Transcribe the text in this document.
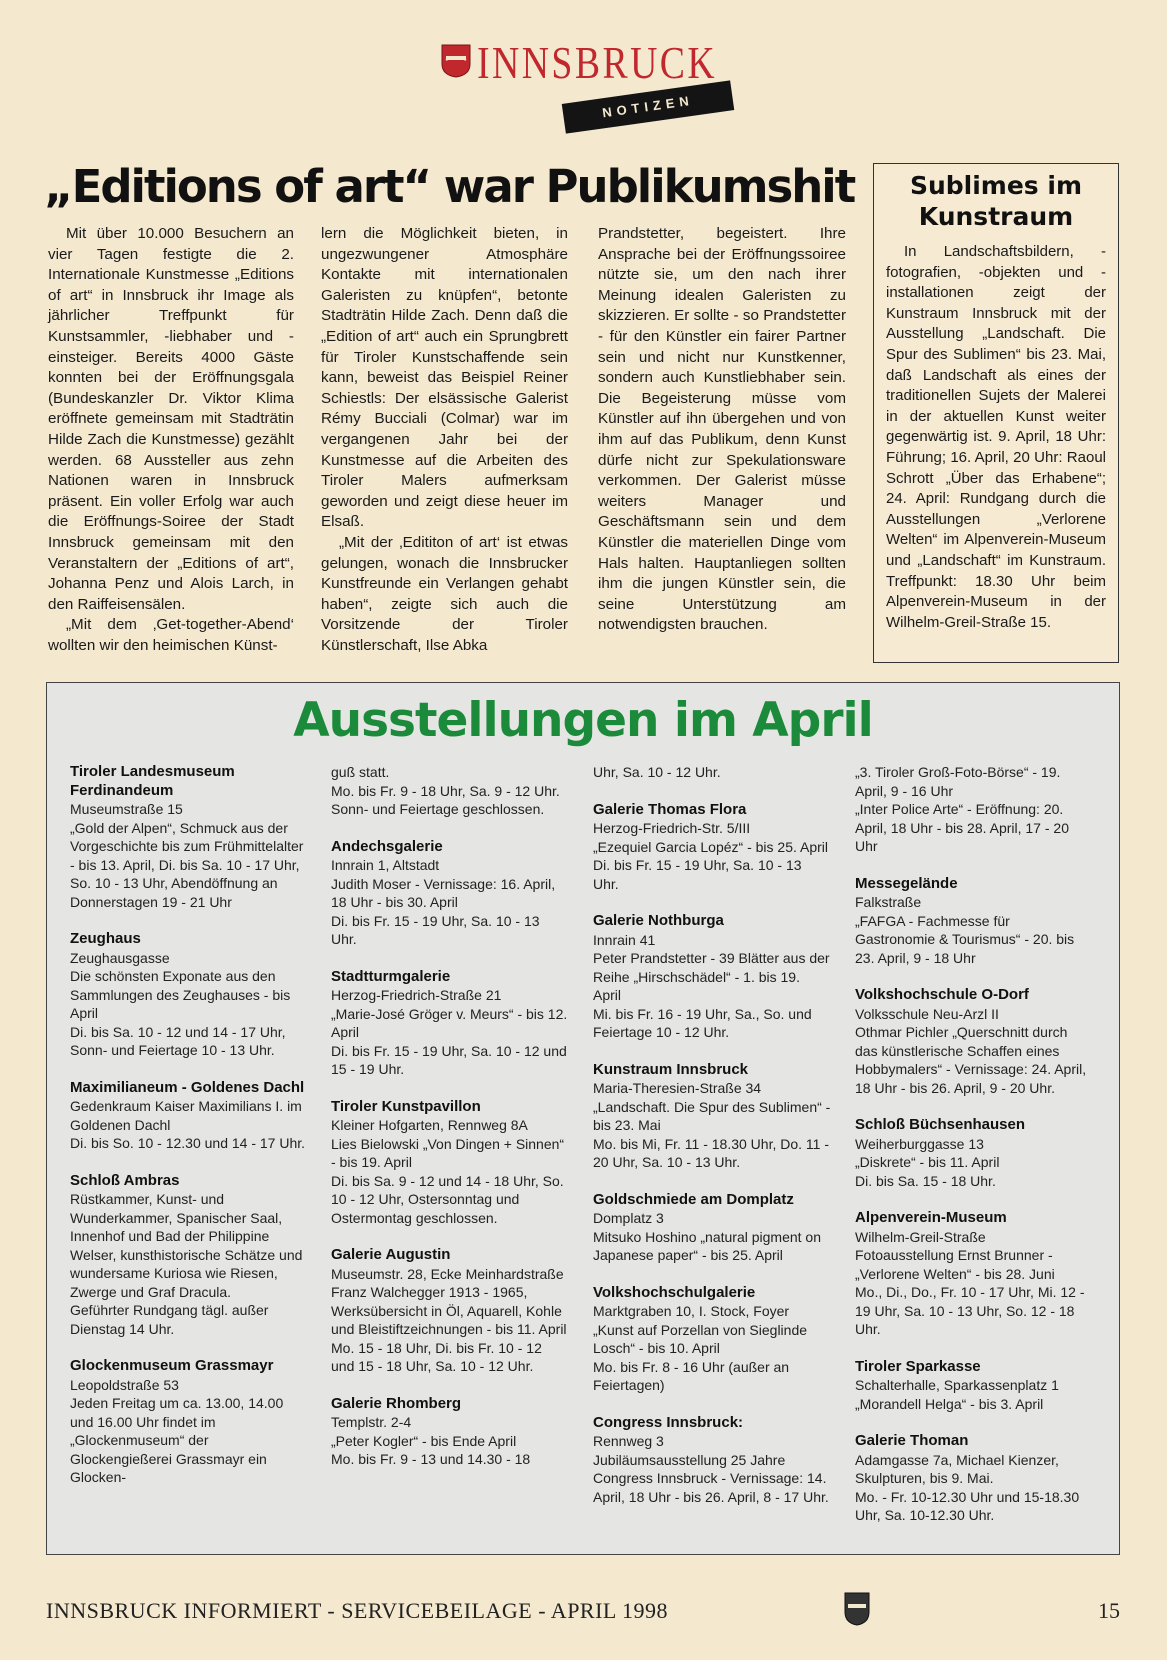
INNSBRUCK
NOTIZEN
„Editions of art“ war Publikumshit

Mit über 10.000 Besuchern an vier Tagen festigte die 2. Internationale Kunstmesse „Editions of art“ in Innsbruck ihr Image als jährlicher Treffpunkt für Kunstsammler, -liebhaber und -einsteiger. Bereits 4000 Gäste konnten bei der Eröffnungsgala (Bundeskanzler Dr. Viktor Klima eröffnete gemeinsam mit Stadträtin Hilde Zach die Kunstmesse) gezählt werden. 68 Aussteller aus zehn Nationen waren in Innsbruck präsent. Ein voller Erfolg war auch die Eröffnungs-Soiree der Stadt Innsbruck gemeinsam mit den Veranstaltern der „Editions of art“, Johanna Penz und Alois Larch, in den Raiffeisensälen.

„Mit dem ‚Get-together-Abend‘ wollten wir den heimischen Künst-

lern die Möglichkeit bieten, in ungezwungener Atmosphäre Kontakte mit internationalen Galeristen zu knüpfen“, betonte Stadträtin Hilde Zach. Denn daß die „Edition of art“ auch ein Sprungbrett für Tiroler Kunstschaffende sein kann, beweist das Beispiel Reiner Schiestls: Der elsässische Galerist Rémy Bucciali (Colmar) war im vergangenen Jahr bei der Kunstmesse auf die Arbeiten des Tiroler Malers aufmerksam geworden und zeigt diese heuer im Elsaß.

„Mit der ‚Edititon of art‘ ist etwas gelungen, wonach die Innsbrucker Kunstfreunde ein Verlangen gehabt haben“, zeigte sich auch die Vorsitzende der Tiroler Künstlerschaft, Ilse Abka

Prandstetter, begeistert. Ihre Ansprache bei der Eröffnungssoiree nützte sie, um den nach ihrer Meinung idealen Galeristen zu skizzieren. Er sollte - so Prandstetter - für den Künstler ein fairer Partner sein und nicht nur Kunstkenner, sondern auch Kunstliebhaber sein. Die Begeisterung müsse vom Künstler auf ihn übergehen und von ihm auf das Publikum, denn Kunst dürfe nicht zur Spekulationsware verkommen. Der Galerist müsse weiters Manager und Geschäftsmann sein und dem Künstler die materiellen Dinge vom Hals halten. Hauptanliegen sollten ihm die jungen Künstler sein, die seine Unterstützung am notwendigsten brauchen.

Sublimes im Kunstraum

In Landschaftsbildern, -fotografien, -objekten und -installationen zeigt der Kunstraum Innsbruck mit der Ausstellung „Landschaft. Die Spur des Sublimen“ bis 23. Mai, daß Landschaft als eines der traditionellen Sujets der Malerei in der aktuellen Kunst weiter gegenwärtig ist. 9. April, 18 Uhr: Führung; 16. April, 20 Uhr: Raoul Schrott „Über das Erhabene“; 24. April: Rundgang durch die Ausstellungen „Verlorene Welten“ im Alpenverein-Museum und „Landschaft“ im Kunstraum. Treffpunkt: 18.30 Uhr beim Alpenverein-Museum in der Wilhelm-Greil-Straße 15.

Ausstellungen im April
Tiroler Landesmuseum Ferdinandeum
Museumstraße 15
„Gold der Alpen“, Schmuck aus der Vorgeschichte bis zum Frühmittelalter - bis 13. April, Di. bis Sa. 10 - 17 Uhr, So. 10 - 13 Uhr, Abendöffnung an Donnerstagen 19 - 21 Uhr
Zeughaus
Zeughausgasse
Die schönsten Exponate aus den Sammlungen des Zeughauses - bis April
Di. bis Sa. 10 - 12 und 14 - 17 Uhr, Sonn- und Feiertage 10 - 13 Uhr.
Maximilianeum - Goldenes Dachl
Gedenkraum Kaiser Maximilians I. im Goldenen Dachl
Di. bis So. 10 - 12.30 und 14 - 17 Uhr.
Schloß Ambras
Rüstkammer, Kunst- und Wunderkammer, Spanischer Saal, Innenhof und Bad der Philippine Welser, kunsthistorische Schätze und wundersame Kuriosa wie Riesen, Zwerge und Graf Dracula.
Geführter Rundgang tägl. außer Dienstag 14 Uhr.
Glockenmuseum Grassmayr
Leopoldstraße 53
Jeden Freitag um ca. 13.00, 14.00 und 16.00 Uhr findet im „Glockenmuseum“ der Glockengießerei Grassmayr ein Glocken-
guß statt.
Mo. bis Fr. 9 - 18 Uhr, Sa. 9 - 12 Uhr. Sonn- und Feiertage geschlossen.
Andechsgalerie
Innrain 1, Altstadt
Judith Moser - Vernissage: 16. April, 18 Uhr - bis 30. April
Di. bis Fr. 15 - 19 Uhr, Sa. 10 - 13 Uhr.
Stadtturmgalerie
Herzog-Friedrich-Straße 21
„Marie-José Gröger v. Meurs“ - bis 12. April
Di. bis Fr. 15 - 19 Uhr, Sa. 10 - 12 und 15 - 19 Uhr.
Tiroler Kunstpavillon
Kleiner Hofgarten, Rennweg 8A
Lies Bielowski „Von Dingen + Sinnen“ - bis 19. April
Di. bis Sa. 9 - 12 und 14 - 18 Uhr, So. 10 - 12 Uhr, Ostersonntag und Ostermontag geschlossen.
Galerie Augustin
Museumstr. 28, Ecke Meinhardstraße
Franz Walchegger 1913 - 1965, Werksübersicht in Öl, Aquarell, Kohle und Bleistiftzeichnungen - bis 11. April
Mo. 15 - 18 Uhr, Di. bis Fr. 10 - 12 und 15 - 18 Uhr, Sa. 10 - 12 Uhr.
Galerie Rhomberg
Templstr. 2-4
„Peter Kogler“ - bis Ende April
Mo. bis Fr. 9 - 13 und 14.30 - 18
Uhr, Sa. 10 - 12 Uhr.
Galerie Thomas Flora
Herzog-Friedrich-Str. 5/III
„Ezequiel Garcia Lopéz“ - bis 25. April
Di. bis Fr. 15 - 19 Uhr, Sa. 10 - 13 Uhr.
Galerie Nothburga
Innrain 41
Peter Prandstetter - 39 Blätter aus der Reihe „Hirschschädel“ - 1. bis 19. April
Mi. bis Fr. 16 - 19 Uhr, Sa., So. und Feiertage 10 - 12 Uhr.
Kunstraum Innsbruck
Maria-Theresien-Straße 34
„Landschaft. Die Spur des Sublimen“ - bis 23. Mai
Mo. bis Mi, Fr. 11 - 18.30 Uhr, Do. 11 - 20 Uhr, Sa. 10 - 13 Uhr.
Goldschmiede am Domplatz
Domplatz 3
Mitsuko Hoshino „natural pigment on Japanese paper“ - bis 25. April
Volkshochschulgalerie
Marktgraben 10, I. Stock, Foyer
„Kunst auf Porzellan von Sieglinde Losch“ - bis 10. April
Mo. bis Fr. 8 - 16 Uhr (außer an Feiertagen)
Congress Innsbruck:
Rennweg 3
Jubiläumsausstellung 25 Jahre Congress Innsbruck - Vernissage: 14. April, 18 Uhr - bis 26. April, 8 - 17 Uhr.
„3. Tiroler Groß-Foto-Börse“ - 19. April, 9 - 16 Uhr
„Inter Police Arte“ - Eröffnung: 20. April, 18 Uhr - bis 28. April, 17 - 20 Uhr
Messegelände
Falkstraße
„FAFGA - Fachmesse für Gastronomie & Tourismus“ - 20. bis 23. April, 9 - 18 Uhr
Volkshochschule O-Dorf
Volksschule Neu-Arzl II
Othmar Pichler „Querschnitt durch das künstlerische Schaffen eines Hobbymalers“ - Vernissage: 24. April, 18 Uhr - bis 26. April, 9 - 20 Uhr.
Schloß Büchsenhausen
Weiherburggasse 13
„Diskrete“ - bis 11. April
Di. bis Sa. 15 - 18 Uhr.
Alpenverein-Museum
Wilhelm-Greil-Straße
Fotoausstellung Ernst Brunner - „Verlorene Welten“ - bis 28. Juni
Mo., Di., Do., Fr. 10 - 17 Uhr, Mi. 12 - 19 Uhr, Sa. 10 - 13 Uhr, So. 12 - 18 Uhr.
Tiroler Sparkasse
Schalterhalle, Sparkassenplatz 1
„Morandell Helga“ - bis 3. April
Galerie Thoman
Adamgasse 7a, Michael Kienzer, Skulpturen, bis 9. Mai.
Mo. - Fr. 10-12.30 Uhr und 15-18.30 Uhr, Sa. 10-12.30 Uhr.
INNSBRUCK INFORMIERT - SERVICEBEILAGE - APRIL 1998	15
